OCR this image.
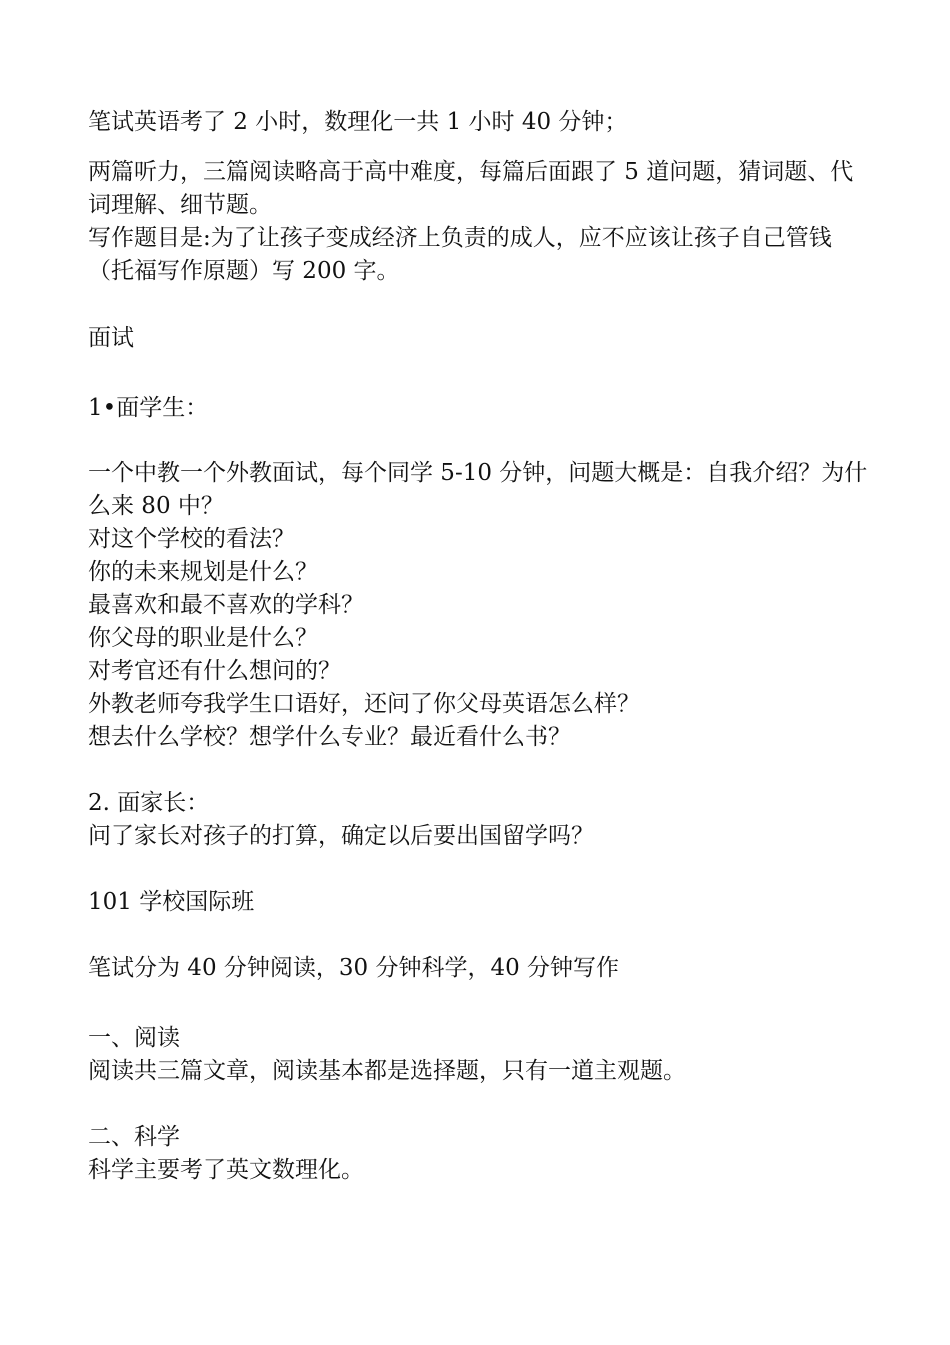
笔试英语考了 2 小时，数理化一共 1 小时 40 分钟；
两篇听力，三篇阅读略高于高中难度，每篇后面跟了 5 道问题，猜词题、代
词理解、细节题。
写作题目是:为了让孩子变成经济上负责的成人，应不应该让孩子自己管钱
（托福写作原题）写 200 字。
面试
1•面学生：
一个中教一个外教面试，每个同学 5-10 分钟，问题大概是：自我介绍？为什
么来 80 中？
对这个学校的看法？
你的未来规划是什么？
最喜欢和最不喜欢的学科？
你父母的职业是什么？
对考官还有什么想问的？
外教老师夸我学生口语好，还问了你父母英语怎么样？
想去什么学校？想学什么专业？最近看什么书？
2. 面家长：
问了家长对孩子的打算，确定以后要出国留学吗？
101 学校国际班
笔试分为 40 分钟阅读，30 分钟科学，40 分钟写作
一、阅读
阅读共三篇文章，阅读基本都是选择题，只有一道主观题。
二、科学
科学主要考了英文数理化。
